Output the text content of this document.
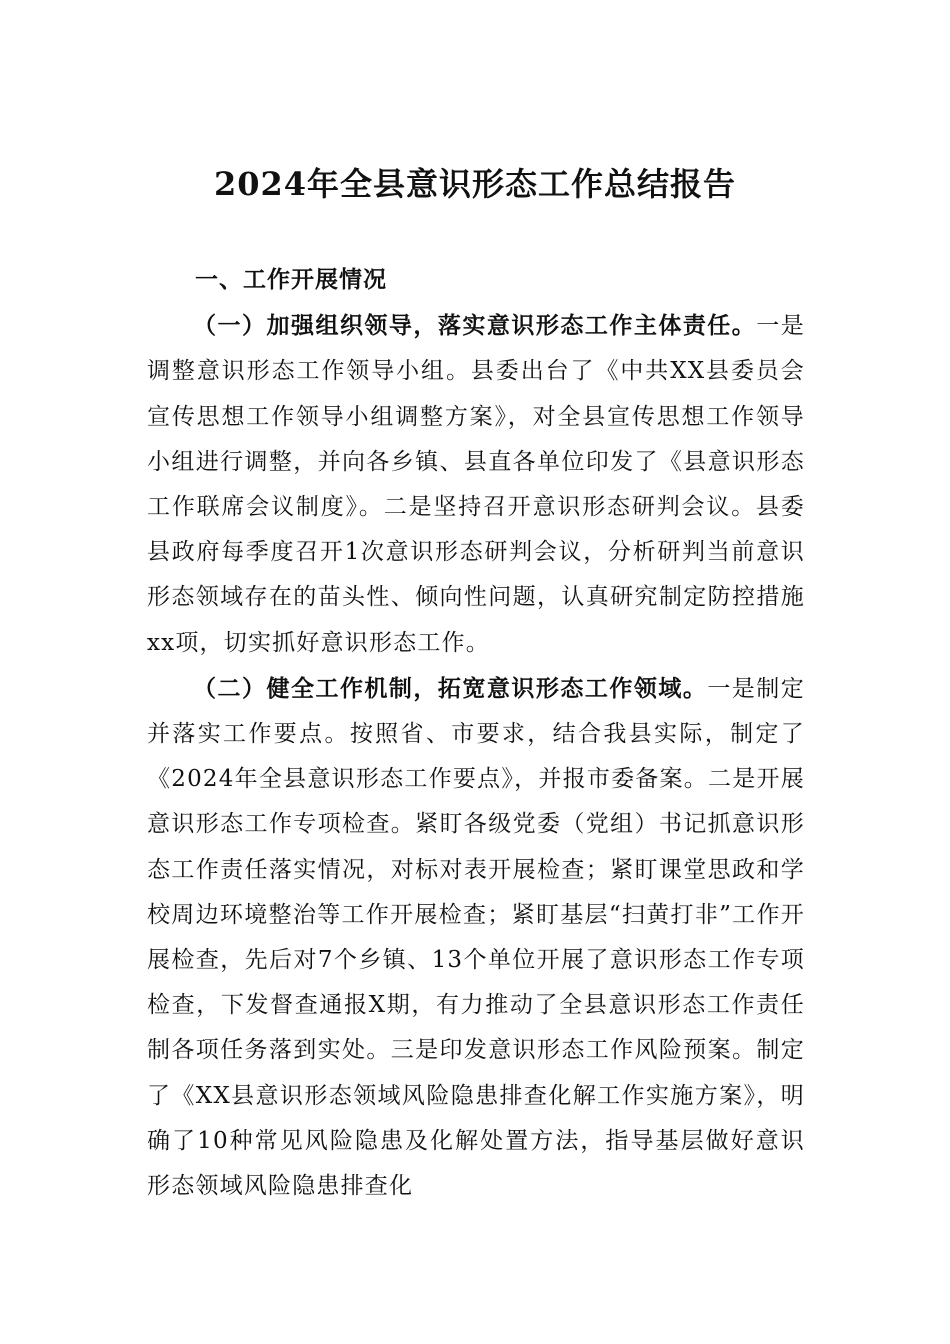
2024年全县意识形态工作总结报告

一、工作开展情况

（一）加强组织领导，落实意识形态工作主体责任。一是调整意识形态工作领导小组。县委出台了《中共XX县委员会宣传思想工作领导小组调整方案》，对全县宣传思想工作领导小组进行调整，并向各乡镇、县直各单位印发了《县意识形态工作联席会议制度》。二是坚持召开意识形态研判会议。县委县政府每季度召开1次意识形态研判会议，分析研判当前意识形态领域存在的苗头性、倾向性问题，认真研究制定防控措施xx项，切实抓好意识形态工作。

（二）健全工作机制，拓宽意识形态工作领域。一是制定并落实工作要点。按照省、市要求，结合我县实际，制定了《2024年全县意识形态工作要点》，并报市委备案。二是开展意识形态工作专项检查。紧盯各级党委（党组）书记抓意识形态工作责任落实情况，对标对表开展检查；紧盯课堂思政和学校周边环境整治等工作开展检查；紧盯基层“扫黄打非”工作开展检查，先后对7个乡镇、13个单位开展了意识形态工作专项检查，下发督查通报X期，有力推动了全县意识形态工作责任制各项任务落到实处。三是印发意识形态工作风险预案。制定了《XX县意识形态领域风险隐患排查化解工作实施方案》，明确了10种常见风险隐患及化解处置方法，指导基层做好意识形态领域风险隐患排查化
